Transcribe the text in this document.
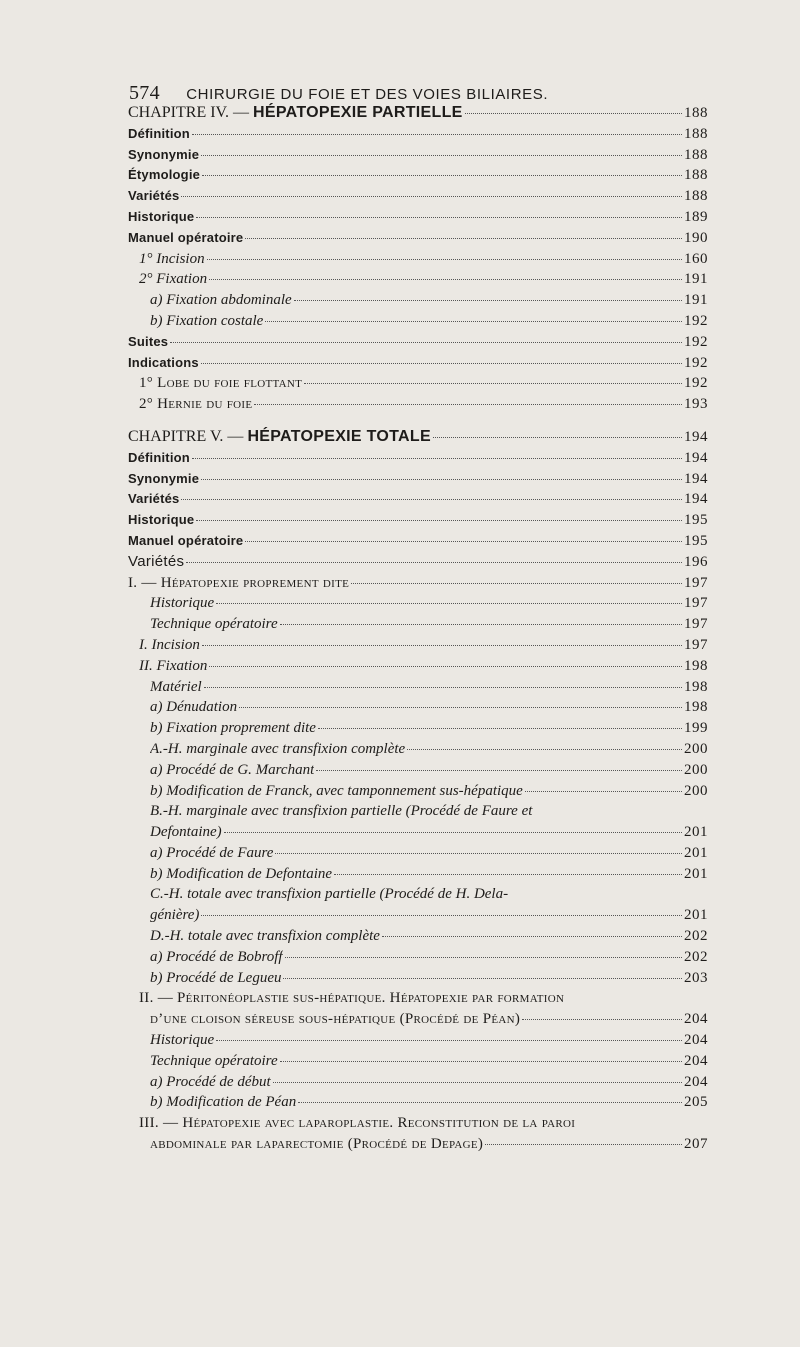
574 CHIRURGIE DU FOIE ET DES VOIES BILIAIRES.
CHAPITRE IV. — HÉPATOPEXIE PARTIELLE	188
Définition	188
Synonymie	188
Étymologie	188
Variétés	188
Historique	189
Manuel opératoire	190
1° Incision	160
2° Fixation	191
a) Fixation abdominale	191
b) Fixation costale	192
Suites	192
Indications	192
1° Lobe du foie flottant	192
2° Hernie du foie	193
CHAPITRE V. — HÉPATOPEXIE TOTALE	194
Définition	194
Synonymie	194
Variétés	194
Historique	195
Manuel opératoire	195
Variétés	196
I. — Hépatopexie proprement dite	197
Historique	197
Technique opératoire	197
I. Incision	197
II. Fixation	198
Matériel	198
a) Dénudation	198
b) Fixation proprement dite	199
A.-H. marginale avec transfixion complète	200
a) Procédé de G. Marchant	200
b) Modification de Franck, avec tamponnement sus-hépatique	200
B.-H. marginale avec transfixion partielle (Procédé de Faure et
Defontaine)	201
a) Procédé de Faure	201
b) Modification de Defontaine	201
C.-H. totale avec transfixion partielle (Procédé de H. Dela-
génière)	201
D.-H. totale avec transfixion complète	202
a) Procédé de Bobroff	202
b) Procédé de Legueu	203
II. — Péritonéoplastie sus-hépatique. Hépatopexie par formation
d’une cloison séreuse sous-hépatique (Procédé de Péan)	204
Historique	204
Technique opératoire	204
a) Procédé de début	204
b) Modification de Péan	205
III. — Hépatopexie avec laparoplastie. Reconstitution de la paroi
abdominale par laparectomie (Procédé de Depage)	207
